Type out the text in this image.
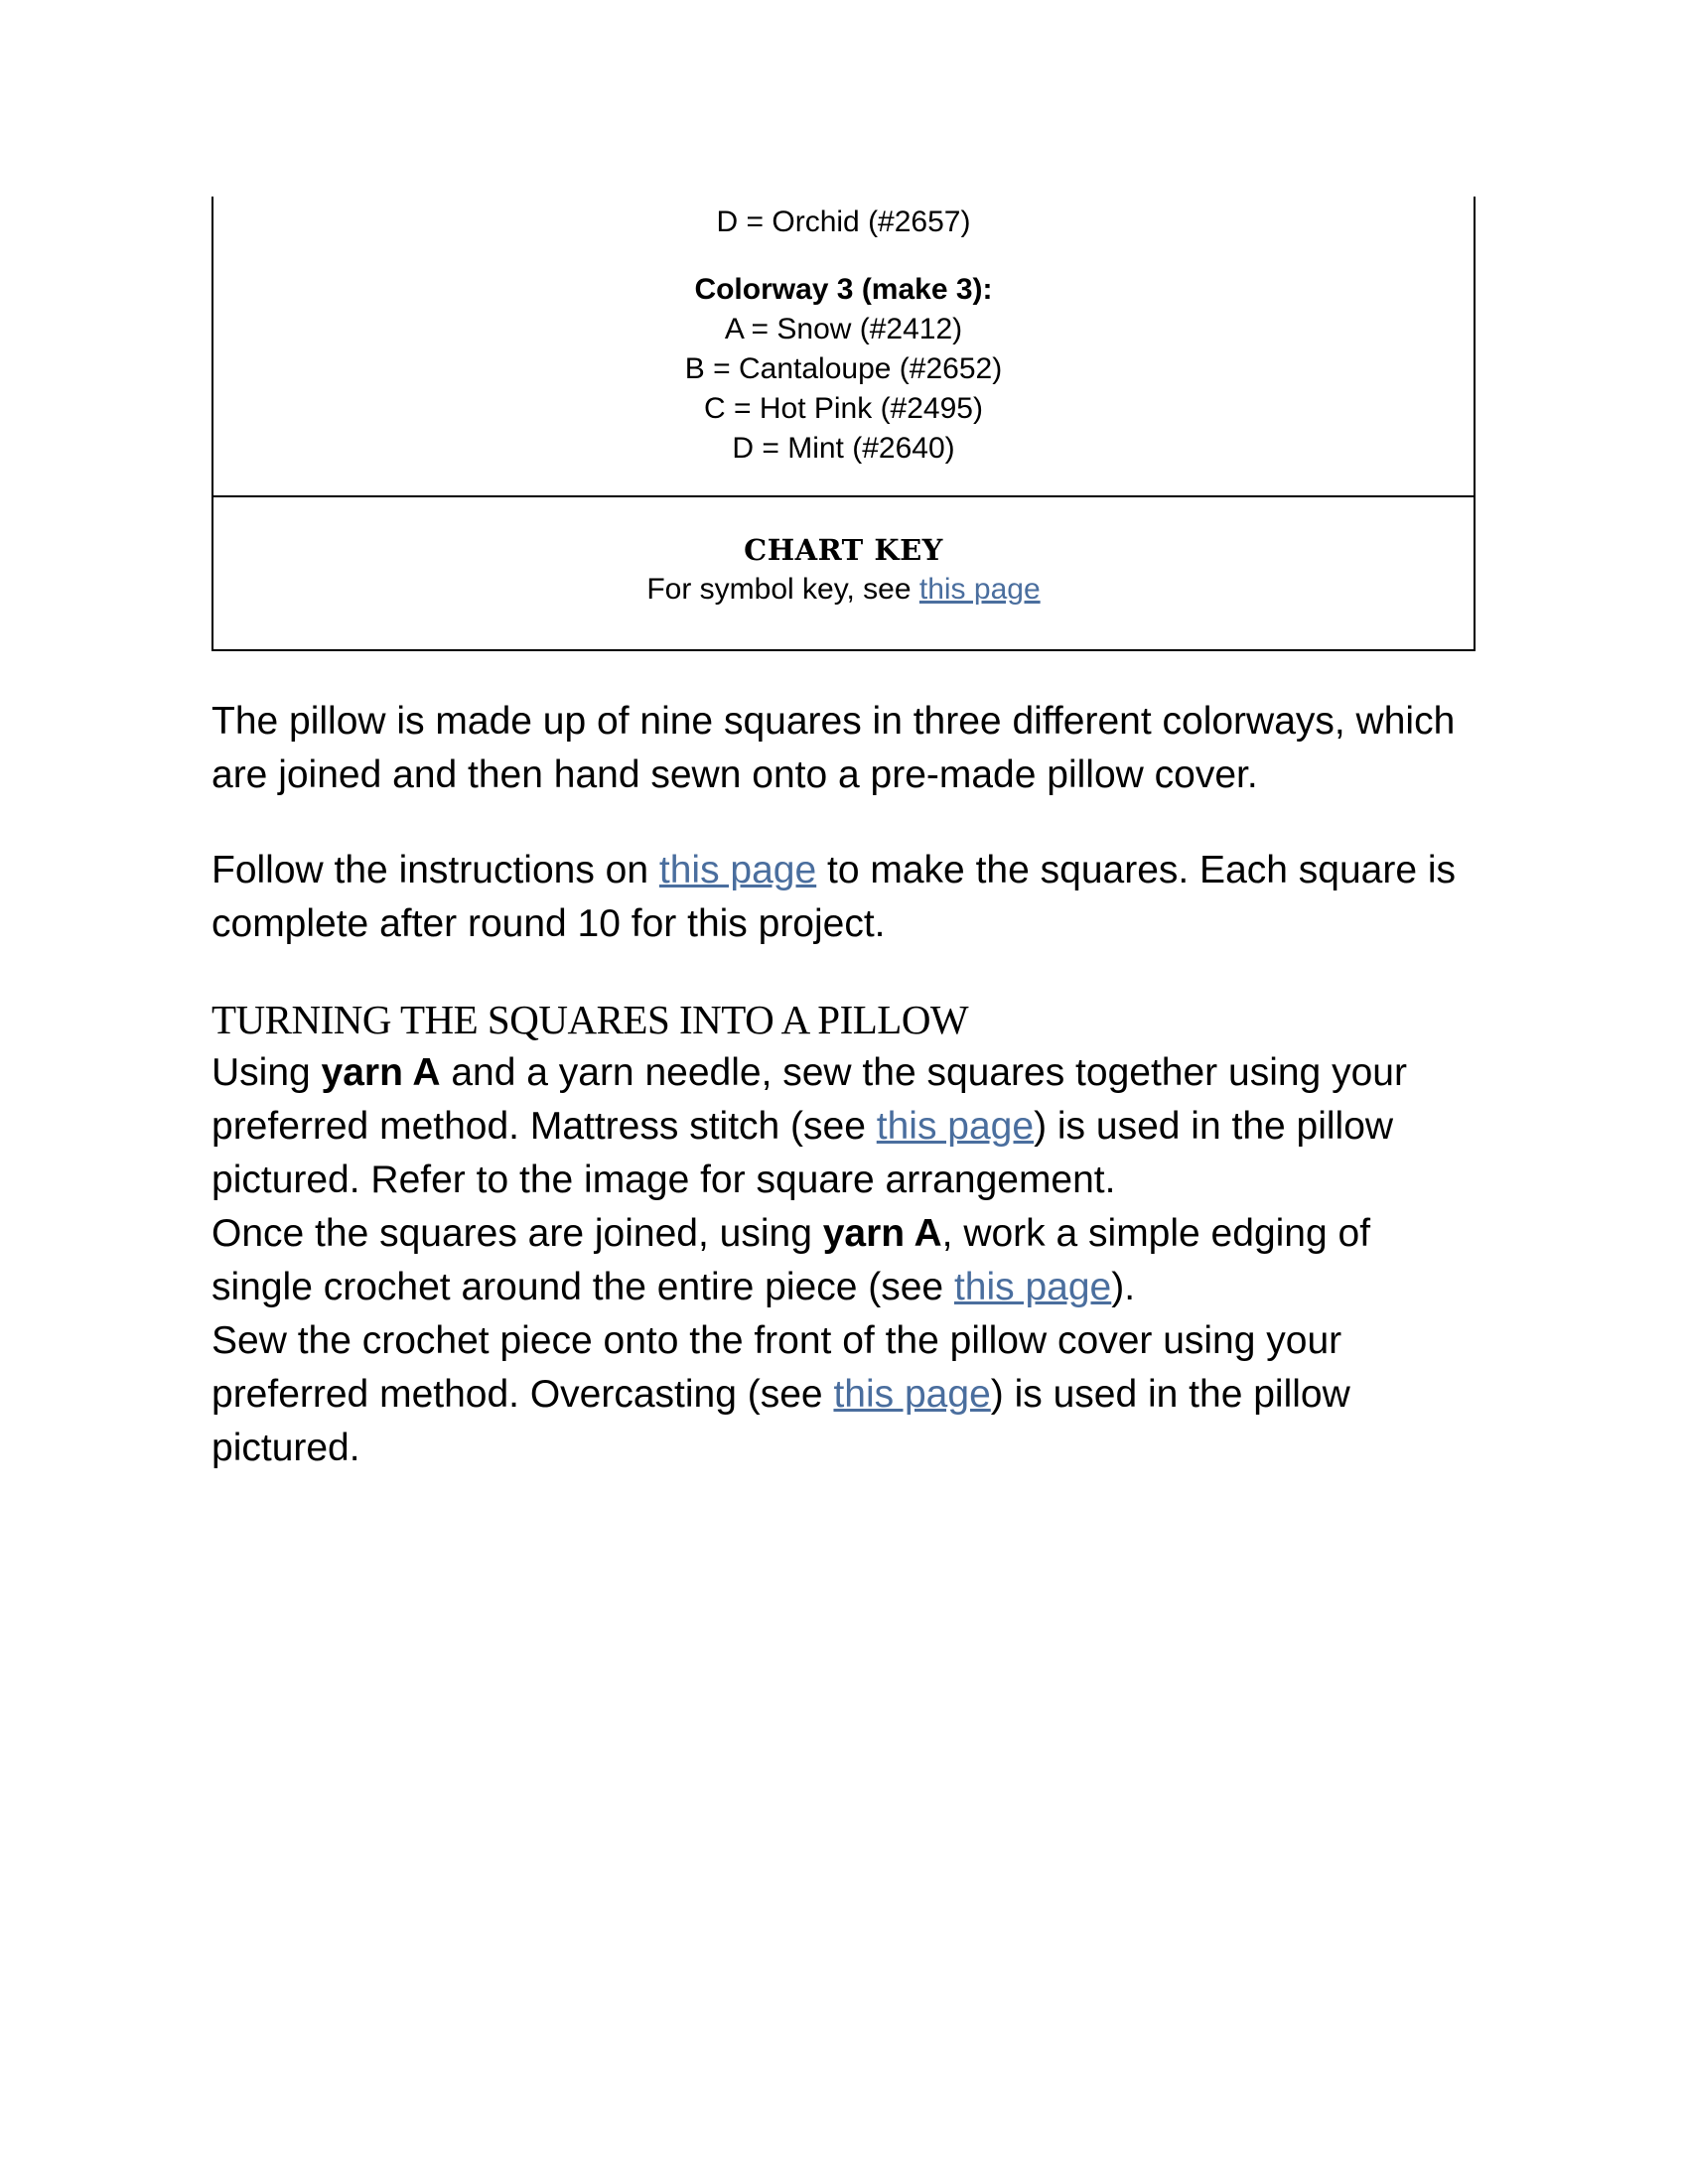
D = Orchid (#2657)
Colorway 3 (make 3):
A = Snow (#2412)
B = Cantaloupe (#2652)
C = Hot Pink (#2495)
D = Mint (#2640)
CHART KEY
For symbol key, see this page

The pillow is made up of nine squares in three different colorways, which are joined and then hand sewn onto a pre-made pillow cover.

Follow the instructions on this page to make the squares. Each square is complete after round 10 for this project.

TURNING THE SQUARES INTO A PILLOW

Using yarn A and a yarn needle, sew the squares together using your preferred method. Mattress stitch (see this page) is used in the pillow pictured. Refer to the image for square arrangement.

Once the squares are joined, using yarn A, work a simple edging of single crochet around the entire piece (see this page).

Sew the crochet piece onto the front of the pillow cover using your preferred method. Overcasting (see this page) is used in the pillow pictured.
